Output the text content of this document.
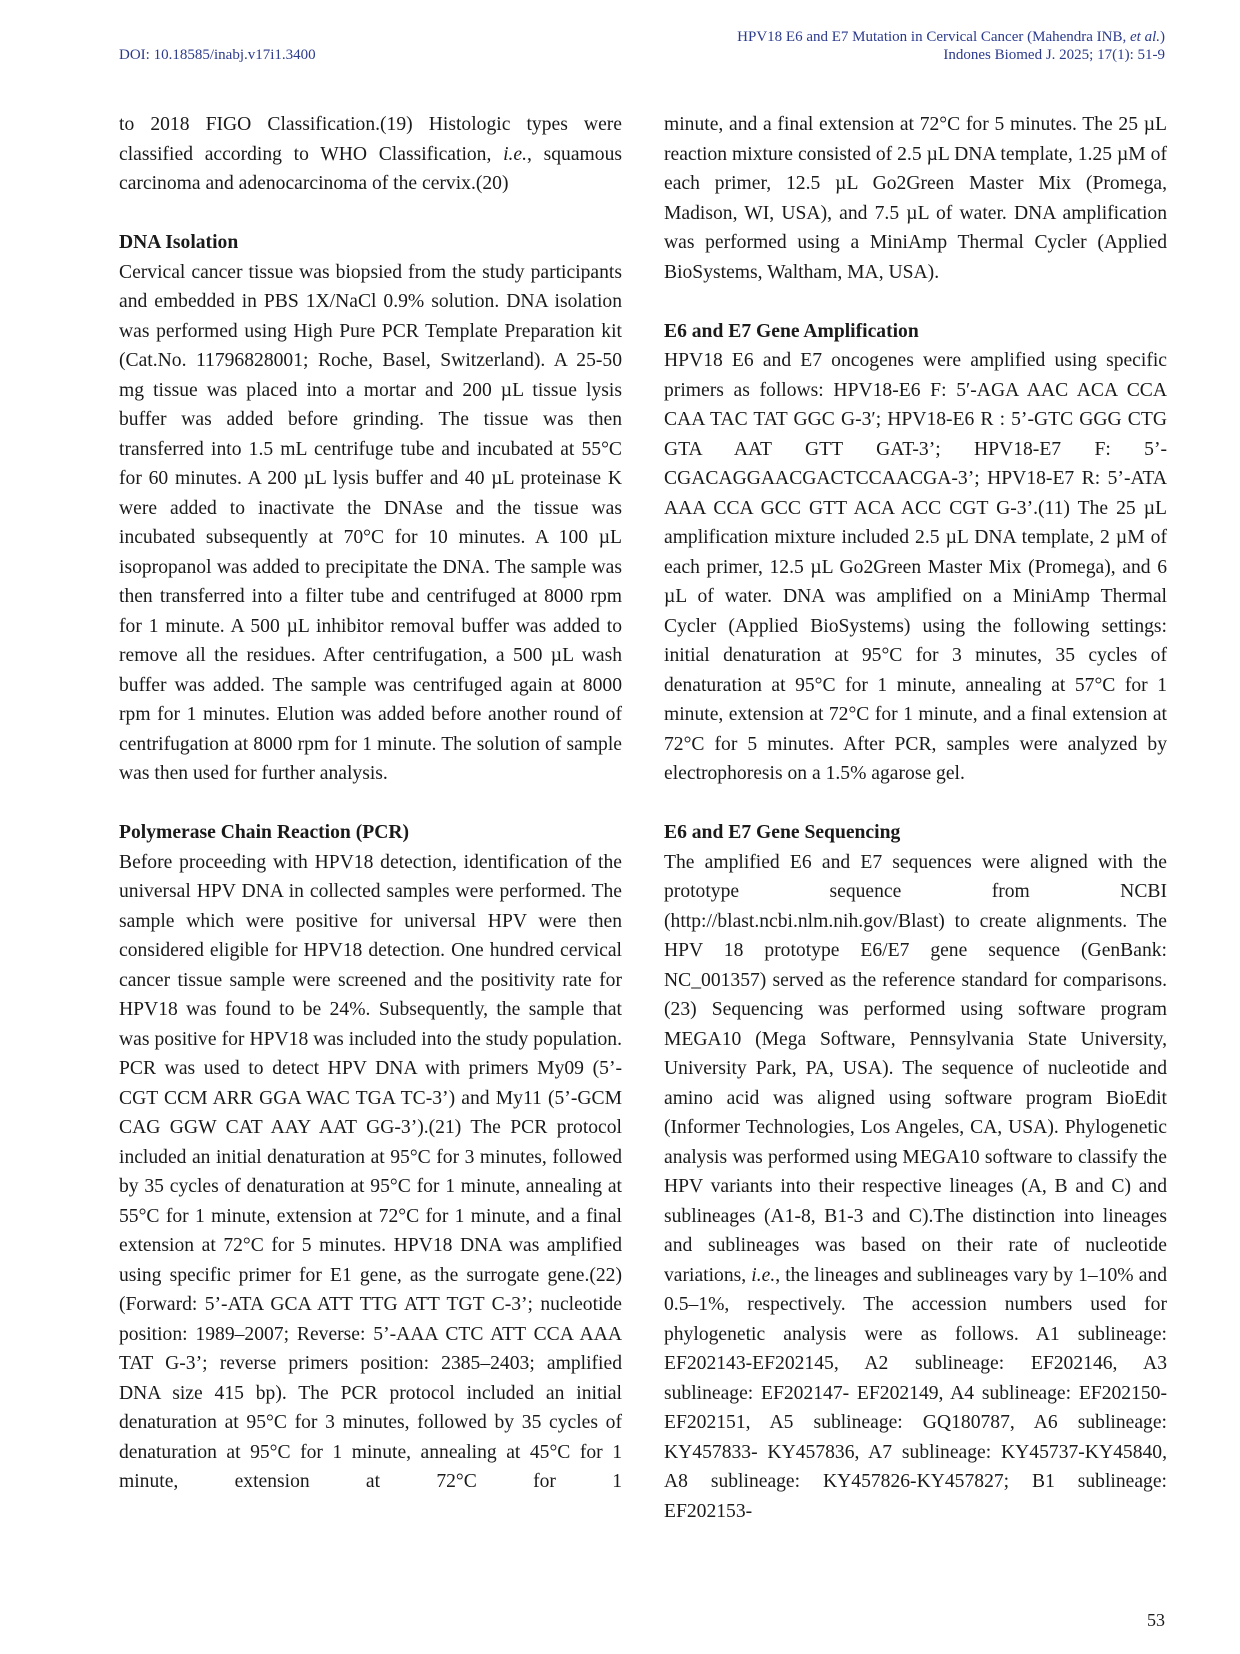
DOI: 10.18585/inabj.v17i1.3400
HPV18 E6 and E7 Mutation in Cervical Cancer (Mahendra INB, et al.)
Indones Biomed J. 2025; 17(1): 51-9

to 2018 FIGO Classification.(19) Histologic types were classified according to WHO Classification, i.e., squamous carcinoma and adenocarcinoma of the cervix.(20)

DNA Isolation

Cervical cancer tissue was biopsied from the study participants and embedded in PBS 1X/NaCl 0.9% solution. DNA isolation was performed using High Pure PCR Template Preparation kit (Cat.No. 11796828001; Roche, Basel, Switzerland). A 25-50 mg tissue was placed into a mortar and 200 µL tissue lysis buffer was added before grinding. The tissue was then transferred into 1.5 mL centrifuge tube and incubated at 55°C for 60 minutes. A 200 µL lysis buffer and 40 µL proteinase K were added to inactivate the DNAse and the tissue was incubated subsequently at 70°C for 10 minutes. A 100 µL isopropanol was added to precipitate the DNA. The sample was then transferred into a filter tube and centrifuged at 8000 rpm for 1 minute. A 500 µL inhibitor removal buffer was added to remove all the residues. After centrifugation, a 500 µL wash buffer was added. The sample was centrifuged again at 8000 rpm for 1 minutes. Elution was added before another round of centrifugation at 8000 rpm for 1 minute. The solution of sample was then used for further analysis.

Polymerase Chain Reaction (PCR)

Before proceeding with HPV18 detection, identification of the universal HPV DNA in collected samples were performed. The sample which were positive for universal HPV were then considered eligible for HPV18 detection. One hundred cervical cancer tissue sample were screened and the positivity rate for HPV18 was found to be 24%. Subsequently, the sample that was positive for HPV18 was included into the study population. PCR was used to detect HPV DNA with primers My09 (5’-CGT CCM ARR GGA WAC TGA TC-3’) and My11 (5’-GCM CAG GGW CAT AAY AAT GG-3’).(21) The PCR protocol included an initial denaturation at 95°C for 3 minutes, followed by 35 cycles of denaturation at 95°C for 1 minute, annealing at 55°C for 1 minute, extension at 72°C for 1 minute, and a final extension at 72°C for 5 minutes. HPV18 DNA was amplified using specific primer for E1 gene, as the surrogate gene.(22) (Forward: 5’-ATA GCA ATT TTG ATT TGT C-3’; nucleotide position: 1989–2007; Reverse: 5’-AAA CTC ATT CCA AAA TAT G-3’; reverse primers position: 2385–2403; amplified DNA size 415 bp). The PCR protocol included an initial denaturation at 95°C for 3 minutes, followed by 35 cycles of denaturation at 95°C for 1 minute, annealing at 45°C for 1 minute, extension at 72°C for 1

minute, and a final extension at 72°C for 5 minutes. The 25 µL reaction mixture consisted of 2.5 µL DNA template, 1.25 µM of each primer, 12.5 µL Go2Green Master Mix (Promega, Madison, WI, USA), and 7.5 µL of water. DNA amplification was performed using a MiniAmp Thermal Cycler (Applied BioSystems, Waltham, MA, USA).

E6 and E7 Gene Amplification

HPV18 E6 and E7 oncogenes were amplified using specific primers as follows: HPV18-E6 F: 5′-AGA AAC ACA CCA CAA TAC TAT GGC G-3′; HPV18-E6 R : 5’-GTC GGG CTG GTA AAT GTT GAT-3’; HPV18-E7 F: 5’-CGACAGGAACGACTCCAACGA-3’; HPV18-E7 R: 5’-ATA AAA CCA GCC GTT ACA ACC CGT G-3’.(11) The 25 µL amplification mixture included 2.5 µL DNA template, 2 µM of each primer, 12.5 µL Go2Green Master Mix (Promega), and 6 µL of water. DNA was amplified on a MiniAmp Thermal Cycler (Applied BioSystems) using the following settings: initial denaturation at 95°C for 3 minutes, 35 cycles of denaturation at 95°C for 1 minute, annealing at 57°C for 1 minute, extension at 72°C for 1 minute, and a final extension at 72°C for 5 minutes. After PCR, samples were analyzed by electrophoresis on a 1.5% agarose gel.

E6 and E7 Gene Sequencing

The amplified E6 and E7 sequences were aligned with the prototype sequence from NCBI (http://blast.ncbi.nlm.nih.gov/Blast) to create alignments. The HPV 18 prototype E6/E7 gene sequence (GenBank: NC_001357) served as the reference standard for comparisons.(23) Sequencing was performed using software program MEGA10 (Mega Software, Pennsylvania State University, University Park, PA, USA). The sequence of nucleotide and amino acid was aligned using software program BioEdit (Informer Technologies, Los Angeles, CA, USA). Phylogenetic analysis was performed using MEGA10 software to classify the HPV variants into their respective lineages (A, B and C) and sublineages (A1-8, B1-3 and C).The distinction into lineages and sublineages was based on their rate of nucleotide variations, i.e., the lineages and sublineages vary by 1–10% and 0.5–1%, respectively. The accession numbers used for phylogenetic analysis were as follows. A1 sublineage: EF202143-EF202145, A2 sublineage: EF202146, A3 sublineage: EF202147- EF202149, A4 sublineage: EF202150-EF202151, A5 sublineage: GQ180787, A6 sublineage: KY457833- KY457836, A7 sublineage: KY45737-KY45840, A8 sublineage: KY457826-KY457827; B1 sublineage: EF202153-

53
